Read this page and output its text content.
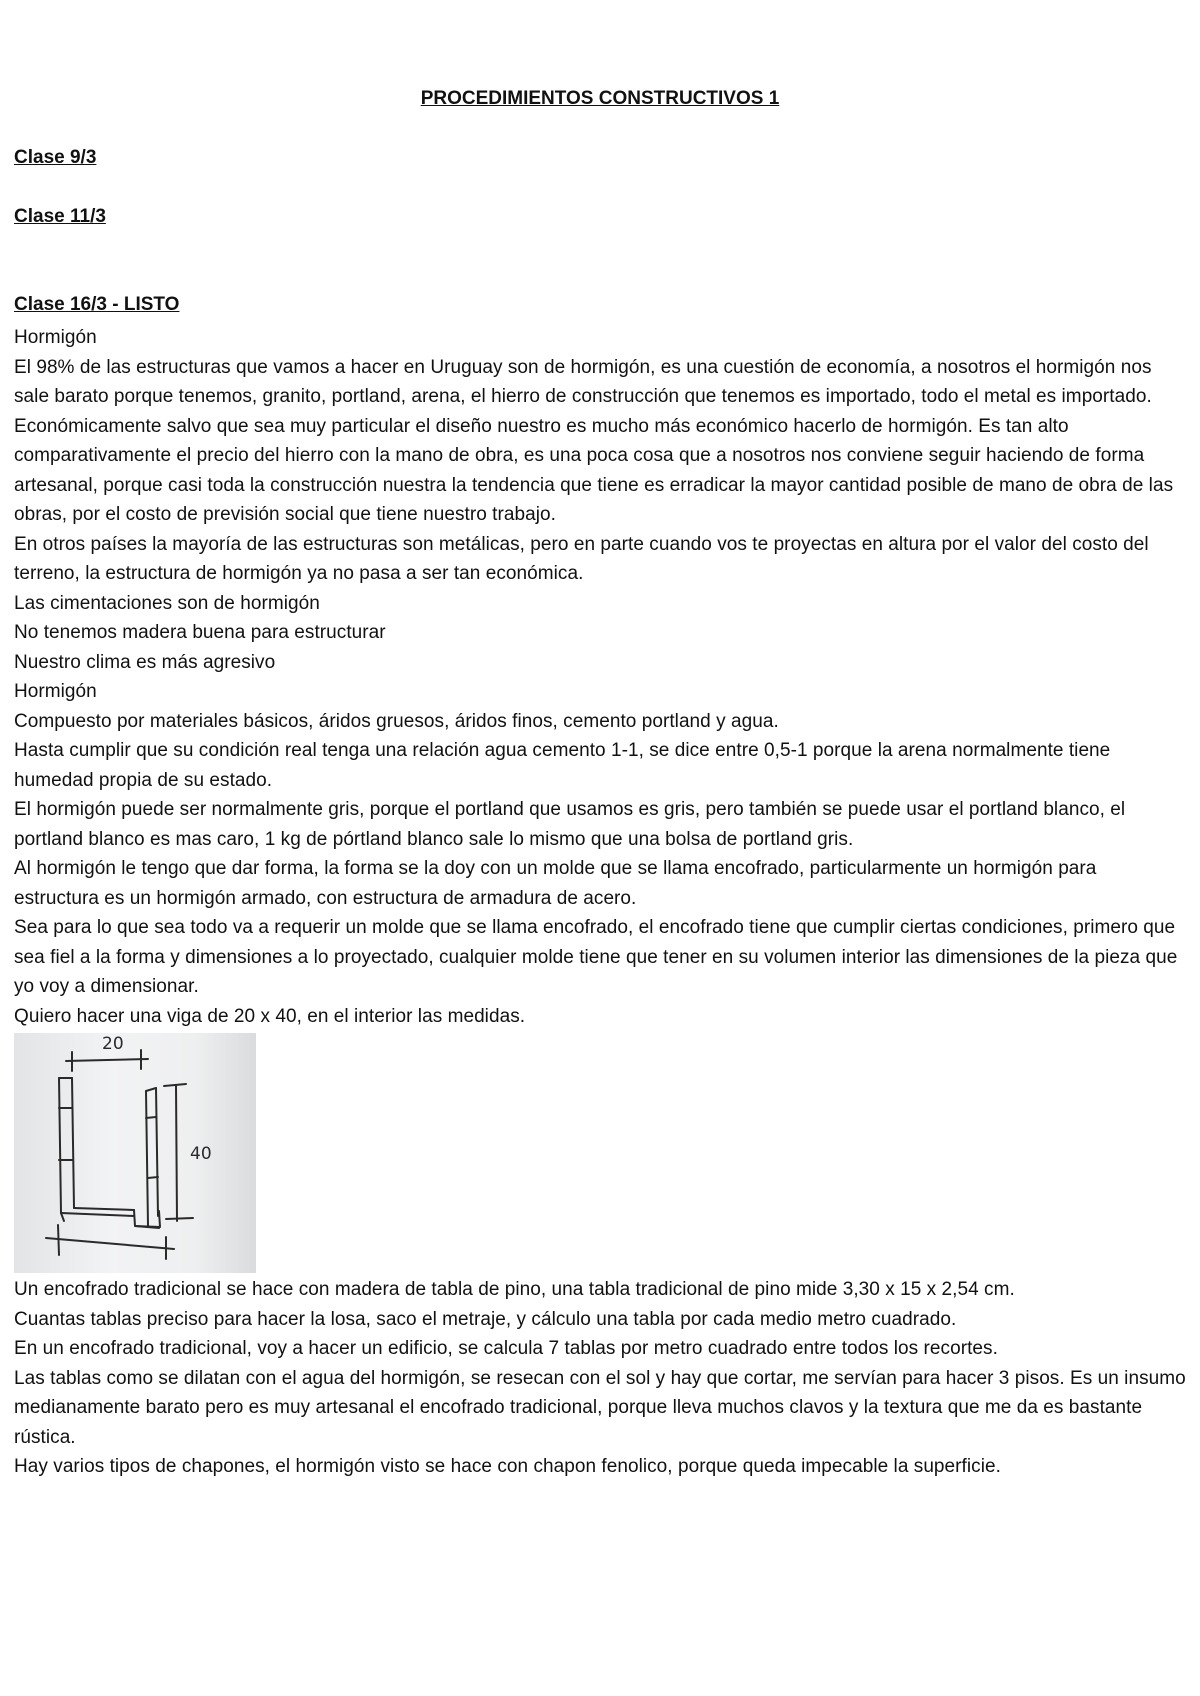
PROCEDIMIENTOS CONSTRUCTIVOS 1
Clase 9/3
Clase 11/3
Clase 16/3 - LISTO

Hormigón

El 98% de las estructuras que vamos a hacer en Uruguay son de hormigón, es una cuestión de economía, a nosotros el hormigón nos sale barato porque tenemos, granito, portland, arena, el hierro de construcción que tenemos es importado, todo el metal es importado.

Económicamente salvo que sea muy particular el diseño nuestro es mucho más económico hacerlo de hormigón. Es tan alto comparativamente el precio del hierro con la mano de obra, es una poca cosa que a nosotros nos conviene seguir haciendo de forma artesanal, porque casi toda la construcción nuestra la tendencia que tiene es erradicar la mayor cantidad posible de mano de obra de las obras, por el costo de previsión social que tiene nuestro trabajo.

En otros países la mayoría de las estructuras son metálicas, pero en parte cuando vos te proyectas en altura por el valor del costo del terreno, la estructura de hormigón ya no pasa a ser tan económica.

Las cimentaciones son de hormigón

No tenemos madera buena para estructurar

Nuestro clima es más agresivo

Hormigón

Compuesto por materiales básicos, áridos gruesos, áridos finos, cemento portland y agua.

Hasta cumplir que su condición real tenga una relación agua cemento 1-1, se dice entre 0,5-1 porque la arena normalmente tiene humedad propia de su estado.

El hormigón puede ser normalmente gris, porque el portland que usamos es gris, pero también se puede usar el portland blanco, el portland blanco es mas caro, 1 kg de pórtland blanco sale lo mismo que una bolsa de portland gris.

Al hormigón le tengo que dar forma, la forma se la doy con un molde que se llama encofrado, particularmente un hormigón para estructura es un hormigón armado, con estructura de armadura de acero.

Sea para lo que sea todo va a requerir un molde que se llama encofrado, el encofrado tiene que cumplir ciertas condiciones, primero que sea fiel a la forma y dimensiones a lo proyectado, cualquier molde tiene que tener en su volumen interior las dimensiones de la pieza que yo voy a dimensionar.

Quiero hacer una viga de 20 x 40, en el interior las medidas.

20
40

Un encofrado tradicional se hace con madera de tabla de pino, una tabla tradicional de pino mide 3,30 x 15 x 2,54 cm.

Cuantas tablas preciso para hacer la losa, saco el metraje, y cálculo una tabla por cada medio metro cuadrado.

En un encofrado tradicional, voy a hacer un edificio, se calcula 7 tablas por metro cuadrado entre todos los recortes.

Las tablas como se dilatan con el agua del hormigón, se resecan con el sol y hay que cortar, me servían para hacer 3 pisos. Es un insumo medianamente barato pero es muy artesanal el encofrado tradicional, porque lleva muchos clavos y la textura que me da es bastante rústica.

Hay varios tipos de chapones, el hormigón visto se hace con chapon fenolico, porque queda impecable la superficie.
